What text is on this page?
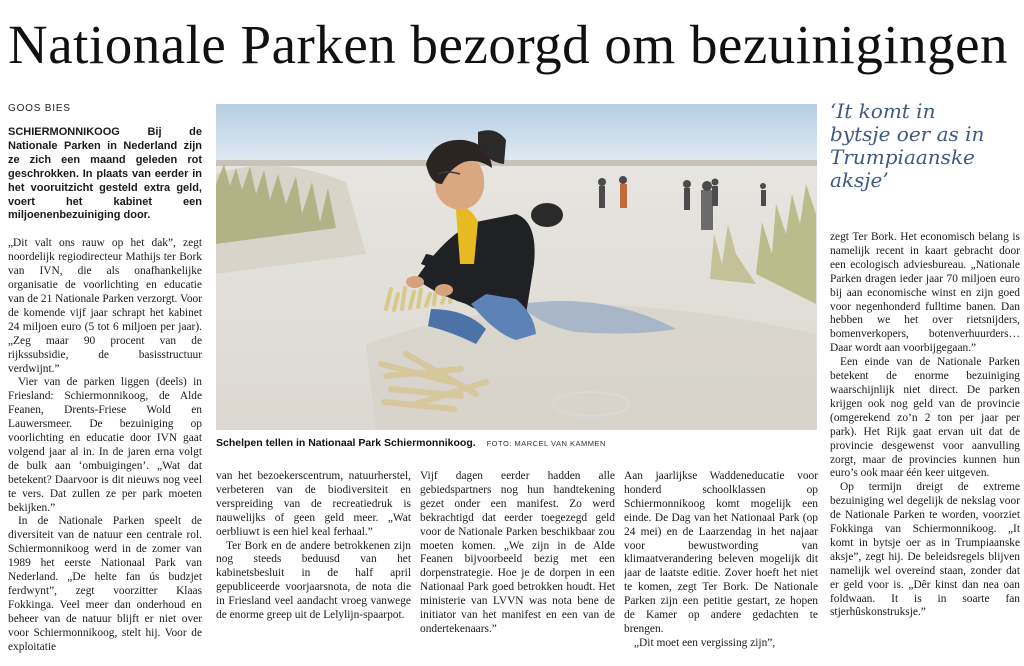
Nationale Parken bezorgd om bezuinigingen
GOOS BIES

SCHIERMONNIKOOG	Bij de Nationale Parken in Nederland zijn ze zich een maand geleden rot geschrokken. In plaats van eerder in het vooruitzicht gesteld extra geld, voert het kabinet een miljoenenbezuiniging door.

„Dit valt ons rauw op het dak”, zegt noordelijk regiodirecteur Mathijs ter Bork van IVN, die als onafhankelijke organisatie de voorlichting en educatie van de 21 Nationale Parken verzorgt. Voor de komende vijf jaar schrapt het kabinet 24 miljoen euro (5 tot 6 miljoen per jaar). „Zeg maar 90 procent van de rijkssubsidie, de basisstructuur verdwijnt.”

Vier van de parken liggen (deels) in Friesland: Schiermonnikoog, de Alde Feanen, Drents-Friese Wold en Lauwersmeer. De bezuiniging op voorlichting en educatie door IVN gaat volgend jaar al in. In de jaren erna volgt de bulk aan ‘ombuigingen’. „Wat dat betekent? Daarvoor is dit nieuws nog veel te vers. Dat zullen ze per park moeten bekijken.”

In de Nationale Parken speelt de diversiteit van de natuur een centrale rol. Schiermonnikoog werd in de zomer van 1989 het eerste Nationaal Park van Nederland. „De helte fan ús budzjet ferdwynt”, zegt voorzitter Klaas Fokkinga. Veel meer dan onderhoud en beheer van de natuur blijft er niet over voor Schiermonnikoog, stelt hij. Voor de exploitatie

Schelpen tellen in Nationaal Park Schiermonnikoog. FOTO: MARCEL VAN KAMMEN
‘It komt in
bytsje oer as in
Trumpiaanske
aksje’

van het bezoekerscentrum, natuurherstel, verbeteren van de biodiversiteit en verspreiding van de recreatiedruk is nauwelijks of geen geld meer. „Wat oerbliuwt is een hiel keal ferhaal.”

Ter Bork en de andere betrokkenen zijn nog steeds beduusd van het kabinetsbesluit in de half april gepubliceerde voorjaarsnota, de nota die in Friesland veel aandacht vroeg vanwege de enorme greep uit de Lelylijn-spaarpot.

Vijf dagen eerder hadden alle gebiedspartners nog hun handtekening gezet onder een manifest. Zo werd bekrachtigd dat eerder toegezegd geld voor de Nationale Parken beschikbaar zou moeten komen. „We zijn in de Alde Feanen bijvoorbeeld bezig met een dorpenstrategie. Hoe je de dorpen in een Nationaal Park goed betrokken houdt. Het ministerie van LVVN was nota bene de initiator van het manifest en een van de ondertekenaars.”

Aan jaarlijkse Waddeneducatie voor honderd schoolklassen op Schiermonnikoog komt mogelijk een einde. De Dag van het Nationaal Park (op 24 mei) en de Laarzendag in het najaar voor bewustwording van klimaatverandering beleven mogelijk dit jaar de laatste editie. Zover hoeft het niet te komen, zegt Ter Bork. De Nationale Parken zijn een petitie gestart, ze hopen de Kamer op andere gedachten te brengen.

„Dit moet een vergissing zijn”,

zegt Ter Bork. Het economisch belang is namelijk recent in kaart gebracht door een ecologisch adviesbureau. „Nationale Parken dragen ieder jaar 70 miljoen euro bij aan economische winst en zijn goed voor negenhonderd fulltime banen. Dan hebben we het over rietsnijders, bomenverkopers, botenverhuurders… Daar wordt aan voorbijgegaan.”

Een einde van de Nationale Parken betekent de enorme bezuiniging waarschijnlijk niet direct. De parken krijgen ook nog geld van de provincie (omgerekend zo’n 2 ton per jaar per park). Het Rijk gaat ervan uit dat de provincie desgewenst voor aanvulling zorgt, maar de provincies kunnen hun euro’s ook maar één keer uitgeven.

Op termijn dreigt de extreme bezuiniging wel degelijk de nekslag voor de Nationale Parken te worden, voorziet Fokkinga van Schiermonnikoog. „It komt in bytsje oer as in Trumpiaanske aksje”, zegt hij. De beleidsregels blijven namelijk wel overeind staan, zonder dat er geld voor is. „Dêr kinst dan nea oan foldwaan. It is in soarte fan stjerhûskonstruksje.”
